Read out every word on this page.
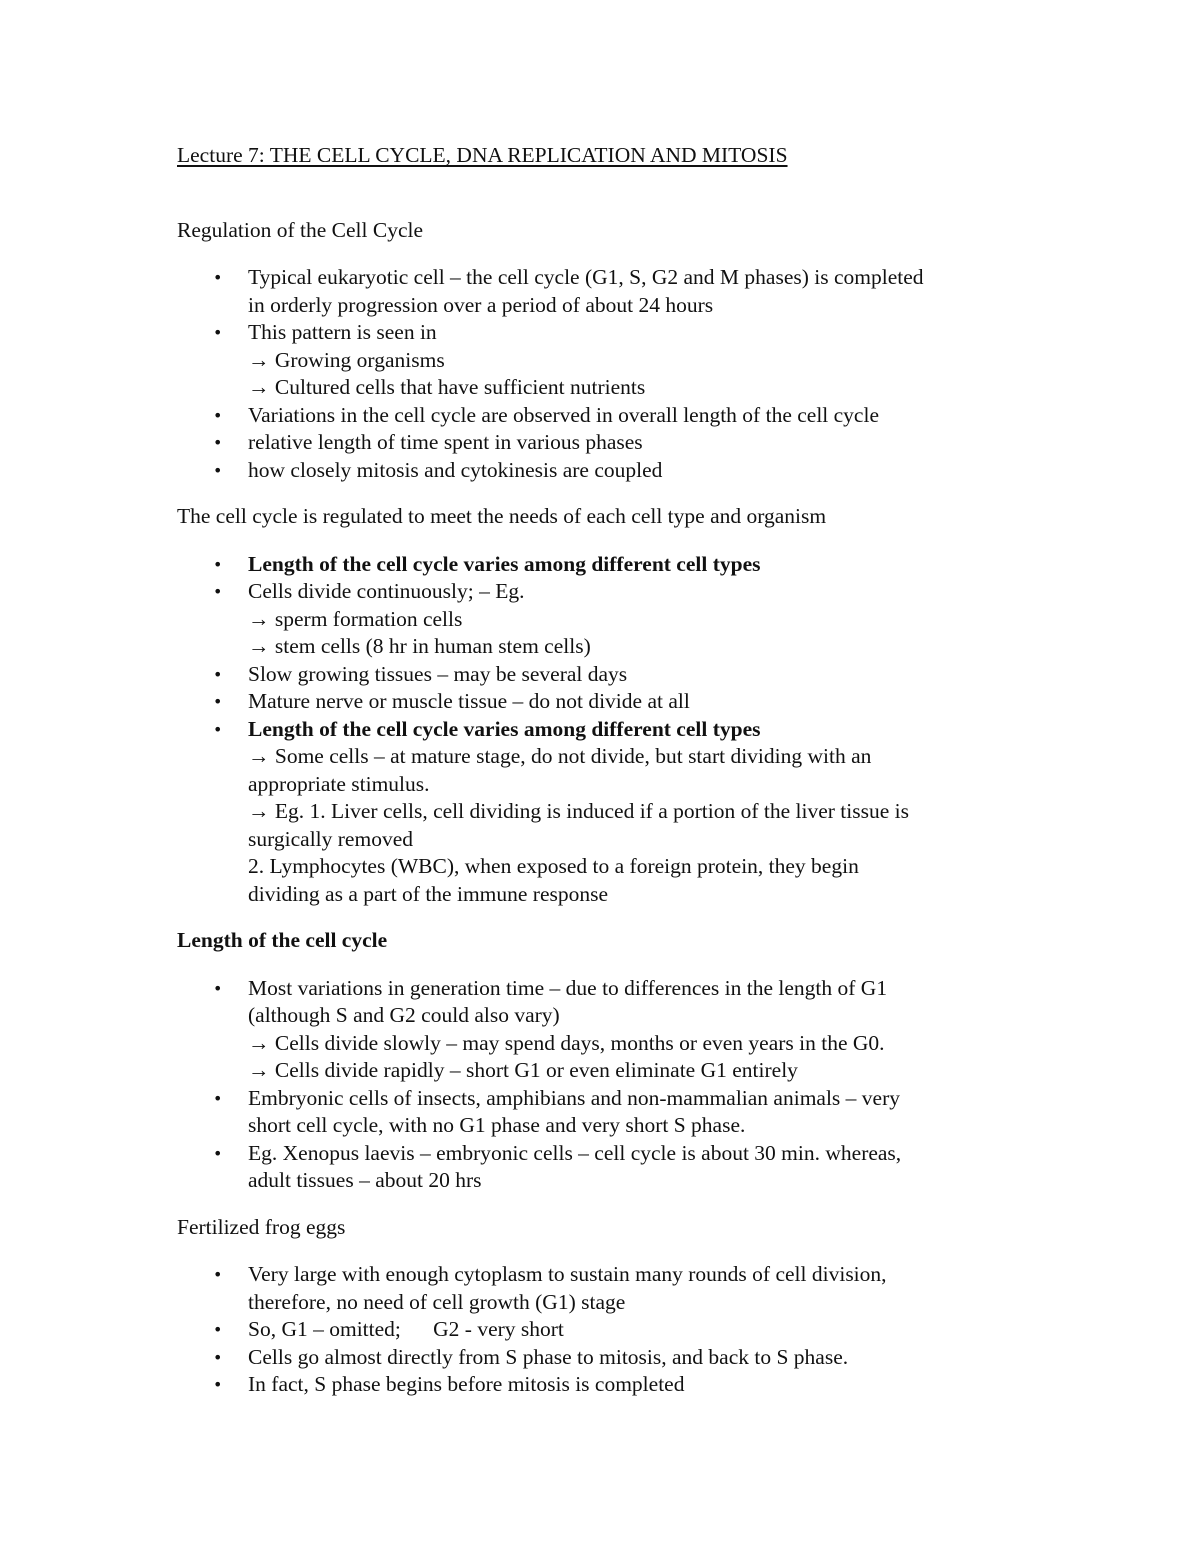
Lecture 7: THE CELL CYCLE, DNA REPLICATION AND MITOSIS
Regulation of the Cell Cycle
• Typical eukaryotic cell – the cell cycle (G1, S, G2 and M phases) is completed
in orderly progression over a period of about 24 hours
• This pattern is seen in
→ Growing organisms
→ Cultured cells that have sufficient nutrients
• Variations in the cell cycle are observed in overall length of the cell cycle
• relative length of time spent in various phases
• how closely mitosis and cytokinesis are coupled
The cell cycle is regulated to meet the needs of each cell type and organism
• Length of the cell cycle varies among different cell types
• Cells divide continuously; – Eg.
→ sperm formation cells
→ stem cells (8 hr in human stem cells)
• Slow growing tissues – may be several days
• Mature nerve or muscle tissue – do not divide at all
• Length of the cell cycle varies among different cell types
→ Some cells – at mature stage, do not divide, but start dividing with an
appropriate stimulus.
→ Eg. 1. Liver cells, cell dividing is induced if a portion of the liver tissue is
surgically removed
2. Lymphocytes (WBC), when exposed to a foreign protein, they begin
dividing as a part of the immune response
Length of the cell cycle
• Most variations in generation time – due to differences in the length of G1
(although S and G2 could also vary)
→ Cells divide slowly – may spend days, months or even years in the G0.
→ Cells divide rapidly – short G1 or even eliminate G1 entirely
• Embryonic cells of insects, amphibians and non-mammalian animals – very
short cell cycle, with no G1 phase and very short S phase.
• Eg. Xenopus laevis – embryonic cells – cell cycle is about 30 min. whereas,
adult tissues – about 20 hrs
Fertilized frog eggs
• Very large with enough cytoplasm to sustain many rounds of cell division,
therefore, no need of cell growth (G1) stage
• So, G1 – omitted;      G2 - very short
• Cells go almost directly from S phase to mitosis, and back to S phase.
• In fact, S phase begins before mitosis is completed
